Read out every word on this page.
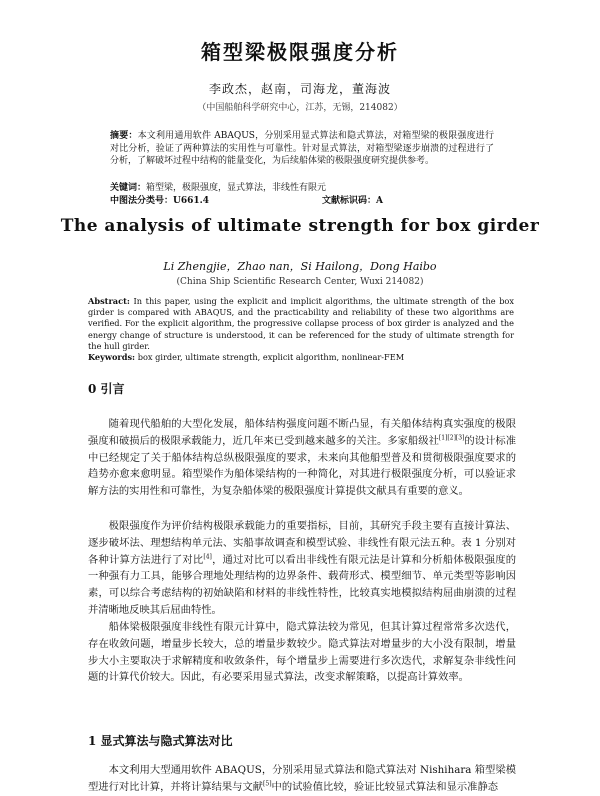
箱型梁极限强度分析
李政杰，赵南，司海龙，董海波
（中国船舶科学研究中心，江苏，无锡，214082）
摘要：本文利用通用软件 ABAQUS，分别采用显式算法和隐式算法，对箱型梁的极限强度进行对比分析，验证了两种算法的实用性与可靠性。针对显式算法，对箱型梁逐步崩溃的过程进行了分析，了解破坏过程中结构的能量变化，为后续船体梁的极限强度研究提供参考。
关键词：箱型梁，极限强度，显式算法，非线性有限元
中图法分类号：U661.4	文献标识码：A
The analysis of ultimate strength for box girder
Li Zhengjie，Zhao nan，Si Hailong，Dong Haibo
(China Ship Scientific Research Center, Wuxi 214082)
Abstract: In this paper, using the explicit and implicit algorithms, the ultimate strength of the box girder is compared with ABAQUS, and the practicability and reliability of these two algorithms are verified. For the explicit algorithm, the progressive collapse process of box girder is analyzed and the energy change of structure is understood, it can be referenced for the study of ultimate strength for the hull girder.
Keywords: box girder, ultimate strength, explicit algorithm, nonlinear-FEM
0 引言
随着现代船舶的大型化发展，船体结构强度问题不断凸显，有关船体结构真实强度的极限强度和破损后的极限承载能力，近几年来已受到越来越多的关注。多家船级社[1][2][3]的设计标准中已经规定了关于船体结构总纵极限强度的要求，未来向其他船型普及和贯彻极限强度要求的趋势亦愈来愈明显。箱型梁作为船体梁结构的一种简化，对其进行极限强度分析，可以验证求解方法的实用性和可靠性，为复杂船体梁的极限强度计算提供文献具有重要的意义。
极限强度作为评价结构极限承载能力的重要指标，目前，其研究手段主要有直接计算法、逐步破坏法、理想结构单元法、实船事故调查和模型试验、非线性有限元法五种。表 1 分别对各种计算方法进行了对比[4]，通过对比可以看出非线性有限元法是计算和分析船体极限强度的一种强有力工具，能够合理地处理结构的边界条件、载荷形式、模型细节、单元类型等影响因素，可以综合考虑结构的初始缺陷和材料的非线性特性，比较真实地模拟结构屈曲崩溃的过程并清晰地反映其后屈曲特性。
船体梁极限强度非线性有限元计算中，隐式算法较为常见，但其计算过程常常多次迭代，存在收敛问题，增量步长较大，总的增量步数较少。隐式算法对增量步的大小没有限制，增量步大小主要取决于求解精度和收敛条件，每个增量步上需要进行多次迭代，求解复杂非线性问题的计算代价较大。因此，有必要采用显式算法，改变求解策略，以提高计算效率。
1 显式算法与隐式算法对比
本文利用大型通用软件 ABAQUS，分别采用显式算法和隐式算法对 Nishihara 箱型梁模型进行对比计算，并将计算结果与文献[5]中的试验值比较，验证比较显式算法和显示准静态
